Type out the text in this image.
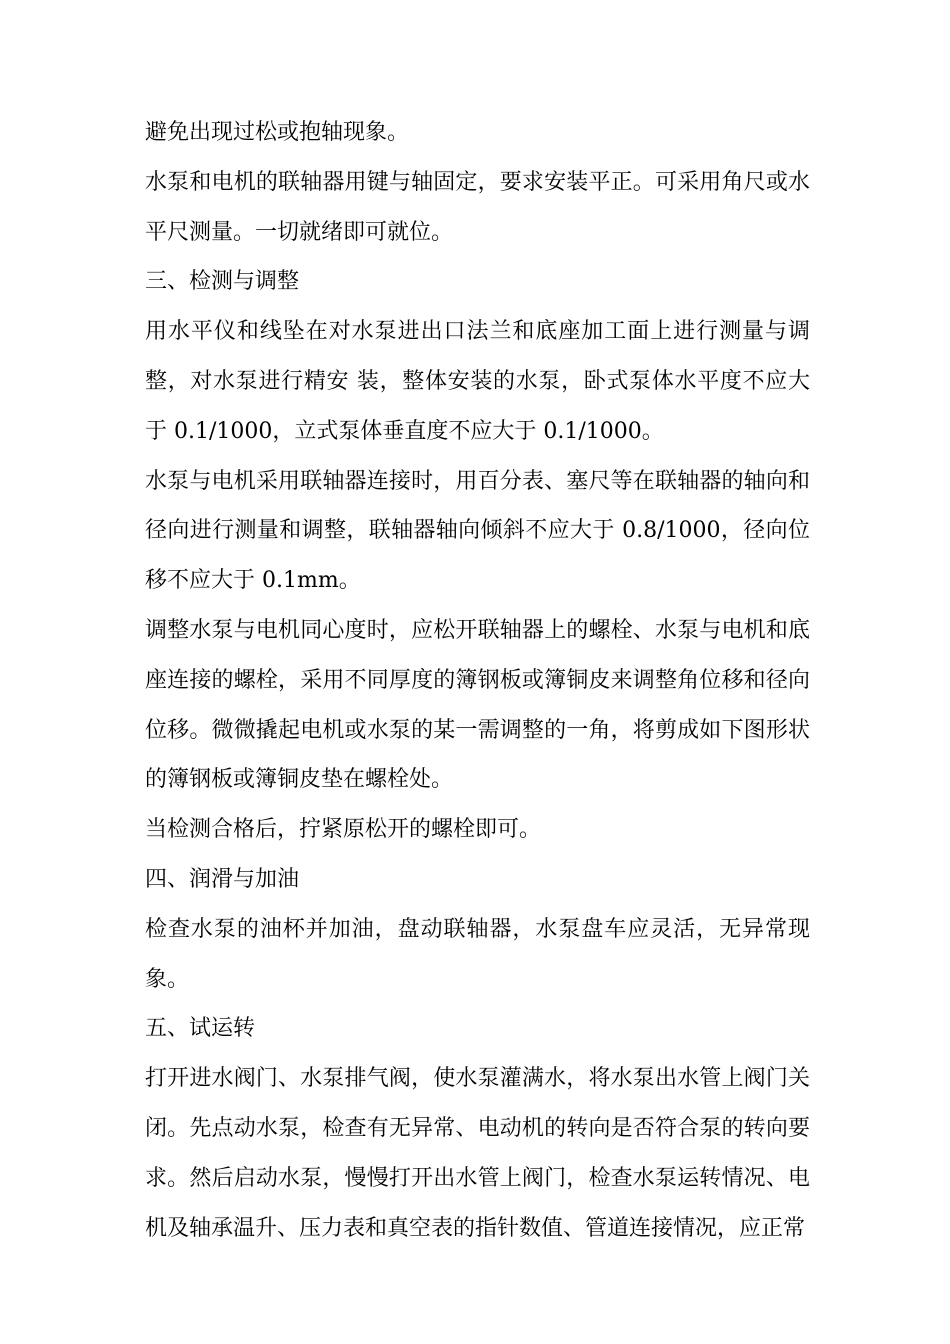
避免出现过松或抱轴现象。

水泵和电机的联轴器用键与轴固定，要求安装平正。可采用角尺或水平尺测量。一切就绪即可就位。

三、检测与调整

用水平仪和线坠在对水泵进出口法兰和底座加工面上进行测量与调整，对水泵进行精安 装，整体安装的水泵，卧式泵体水平度不应大于 0.1/1000，立式泵体垂直度不应大于 0.1/1000。

水泵与电机采用联轴器连接时，用百分表、塞尺等在联轴器的轴向和径向进行测量和调整，联轴器轴向倾斜不应大于 0.8/1000，径向位移不应大于 0.1mm。

调整水泵与电机同心度时，应松开联轴器上的螺栓、水泵与电机和底座连接的螺栓，采用不同厚度的簿钢板或簿铜皮来调整角位移和径向位移。微微撬起电机或水泵的某一需调整的一角，将剪成如下图形状的簿钢板或簿铜皮垫在螺栓处。

当检测合格后，拧紧原松开的螺栓即可。

四、润滑与加油

检查水泵的油杯并加油，盘动联轴器，水泵盘车应灵活，无异常现象。

五、试运转

打开进水阀门、水泵排气阀，使水泵灌满水，将水泵出水管上阀门关闭。先点动水泵，检查有无异常、电动机的转向是否符合泵的转向要求。然后启动水泵，慢慢打开出水管上阀门，检查水泵运转情况、电机及轴承温升、压力表和真空表的指针数值、管道连接情况，应正常
